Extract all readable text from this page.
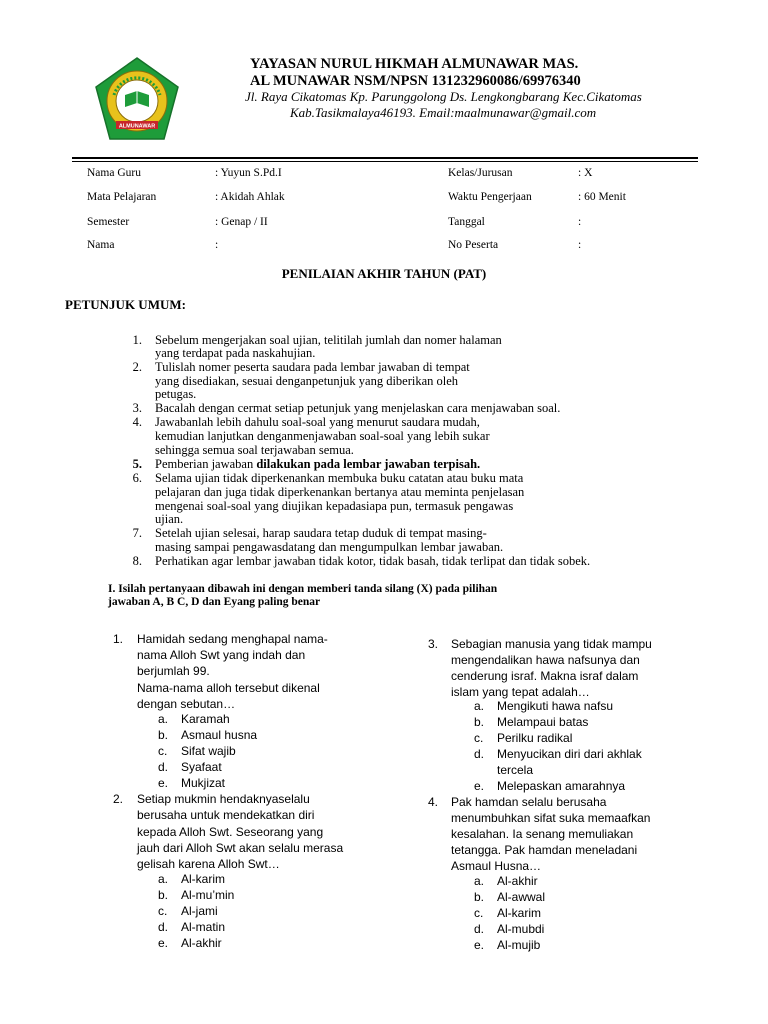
ALMUNAWAR
YAYASAN NURUL HIKMAH ALMUNAWAR MAS.
AL MUNAWAR NSM/NPSN 131232960086/69976340
Jl. Raya Cikatomas Kp. Parunggolong Ds. Lengkongbarang Kec.Cikatomas
Kab.Tasikmalaya46193. Email:maalmunawar@gmail.com
Nama Guru	: Yuyun S.Pd.I	Kelas/Jurusan	: X
Mata Pelajaran	: Akidah Ahlak	Waktu Pengerjaan	: 60 Menit
Semester	: Genap / II	Tanggal	:
Nama	:	No Peserta	:
PENILAIAN AKHIR TAHUN (PAT)
PETUNJUK UMUM:
1. Sebelum mengerjakan soal ujian, telitilah jumlah dan nomer halaman
yang terdapat pada naskahujian.
2. Tulislah nomer peserta saudara pada lembar jawaban di tempat
yang disediakan, sesuai denganpetunjuk yang diberikan oleh
petugas.
3. Bacalah dengan cermat setiap petunjuk yang menjelaskan cara menjawaban soal.
4. Jawabanlah lebih dahulu soal-soal yang menurut saudara mudah,
kemudian lanjutkan denganmenjawaban soal-soal yang lebih sukar
sehingga semua soal terjawaban semua.
5. Pemberian jawaban dilakukan pada lembar jawaban terpisah.
6. Selama ujian tidak diperkenankan membuka buku catatan atau buku mata
pelajaran dan juga tidak diperkenankan bertanya atau meminta penjelasan
mengenai soal-soal yang diujikan kepadasiapa pun, termasuk pengawas
ujian.
7. Setelah ujian selesai, harap saudara tetap duduk di tempat masing-
masing sampai pengawasdatang dan mengumpulkan lembar jawaban.
8. Perhatikan agar lembar jawaban tidak kotor, tidak basah, tidak terlipat dan tidak sobek.
I. Isilah pertanyaan dibawah ini dengan memberi tanda silang (X) pada pilihan
jawaban A, B C, D dan Eyang paling benar
1. Hamidah sedang menghapal nama-
nama Alloh Swt yang indah dan
berjumlah 99.
Nama-nama alloh tersebut dikenal
dengan sebutan…
a. Karamah
b. Asmaul husna
c. Sifat wajib
d. Syafaat
e. Mukjizat
2. Setiap mukmin hendaknyaselalu
berusaha untuk mendekatkan diri
kepada Alloh Swt. Seseorang yang
jauh dari Alloh Swt akan selalu merasa
gelisah karena Alloh Swt…
a. Al-karim
b. Al-mu’min
c. Al-jami
d. Al-matin
e. Al-akhir
3. Sebagian manusia yang tidak mampu
mengendalikan hawa nafsunya dan
cenderung israf. Makna israf dalam
islam yang tepat adalah…
a. Mengikuti hawa nafsu
b. Melampaui batas
c. Perilku radikal
d. Menyucikan diri dari akhlak
tercela
e. Melepaskan amarahnya
4. Pak hamdan selalu berusaha
menumbuhkan sifat suka memaafkan
kesalahan. Ia senang memuliakan
tetangga. Pak hamdan meneladani
Asmaul Husna…
a. Al-akhir
b. Al-awwal
c. Al-karim
d. Al-mubdi
e. Al-mujib
